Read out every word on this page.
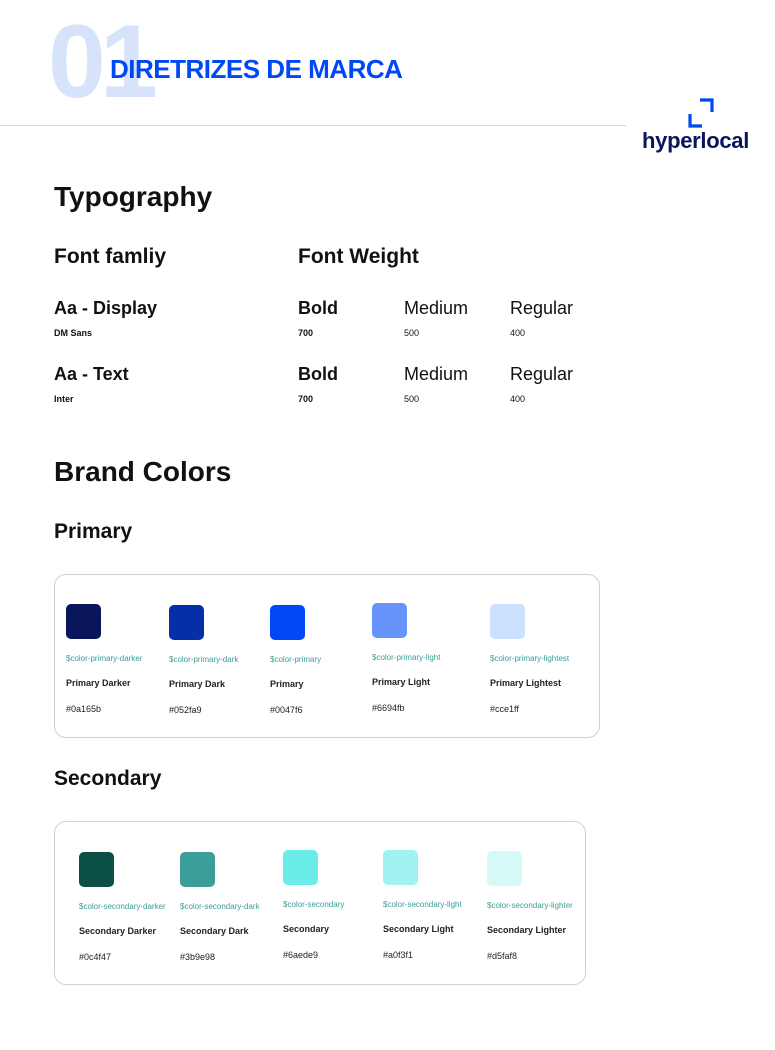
01
DIRETRIZES DE MARCA
hyperlocal
Typography
Font famliy	Font Weight
Aa - Display
DM Sans
Bold
700
Medium
500
Regular
400
Aa - Text
Inter
Bold
700
Medium
500
Regular
400
Brand Colors
Primary
$color-primary-darker
Primary Darker
#0a165b
$color-primary-dark
Primary Dark
#052fa9
$color-primary
Primary
#0047f6
$color-primary-light
Primary Light
#6694fb
$color-primary-lightest
Primary Lightest
#cce1ff
Secondary
$color-secondary-darker
Secondary Darker
#0c4f47
$color-secondary-dark
Secondary Dark
#3b9e98
$color-secondary
Secondary
#6aede9
$color-secondary-light
Secondary Light
#a0f3f1
$color-secondary-lighter
Secondary Lighter
#d5faf8
